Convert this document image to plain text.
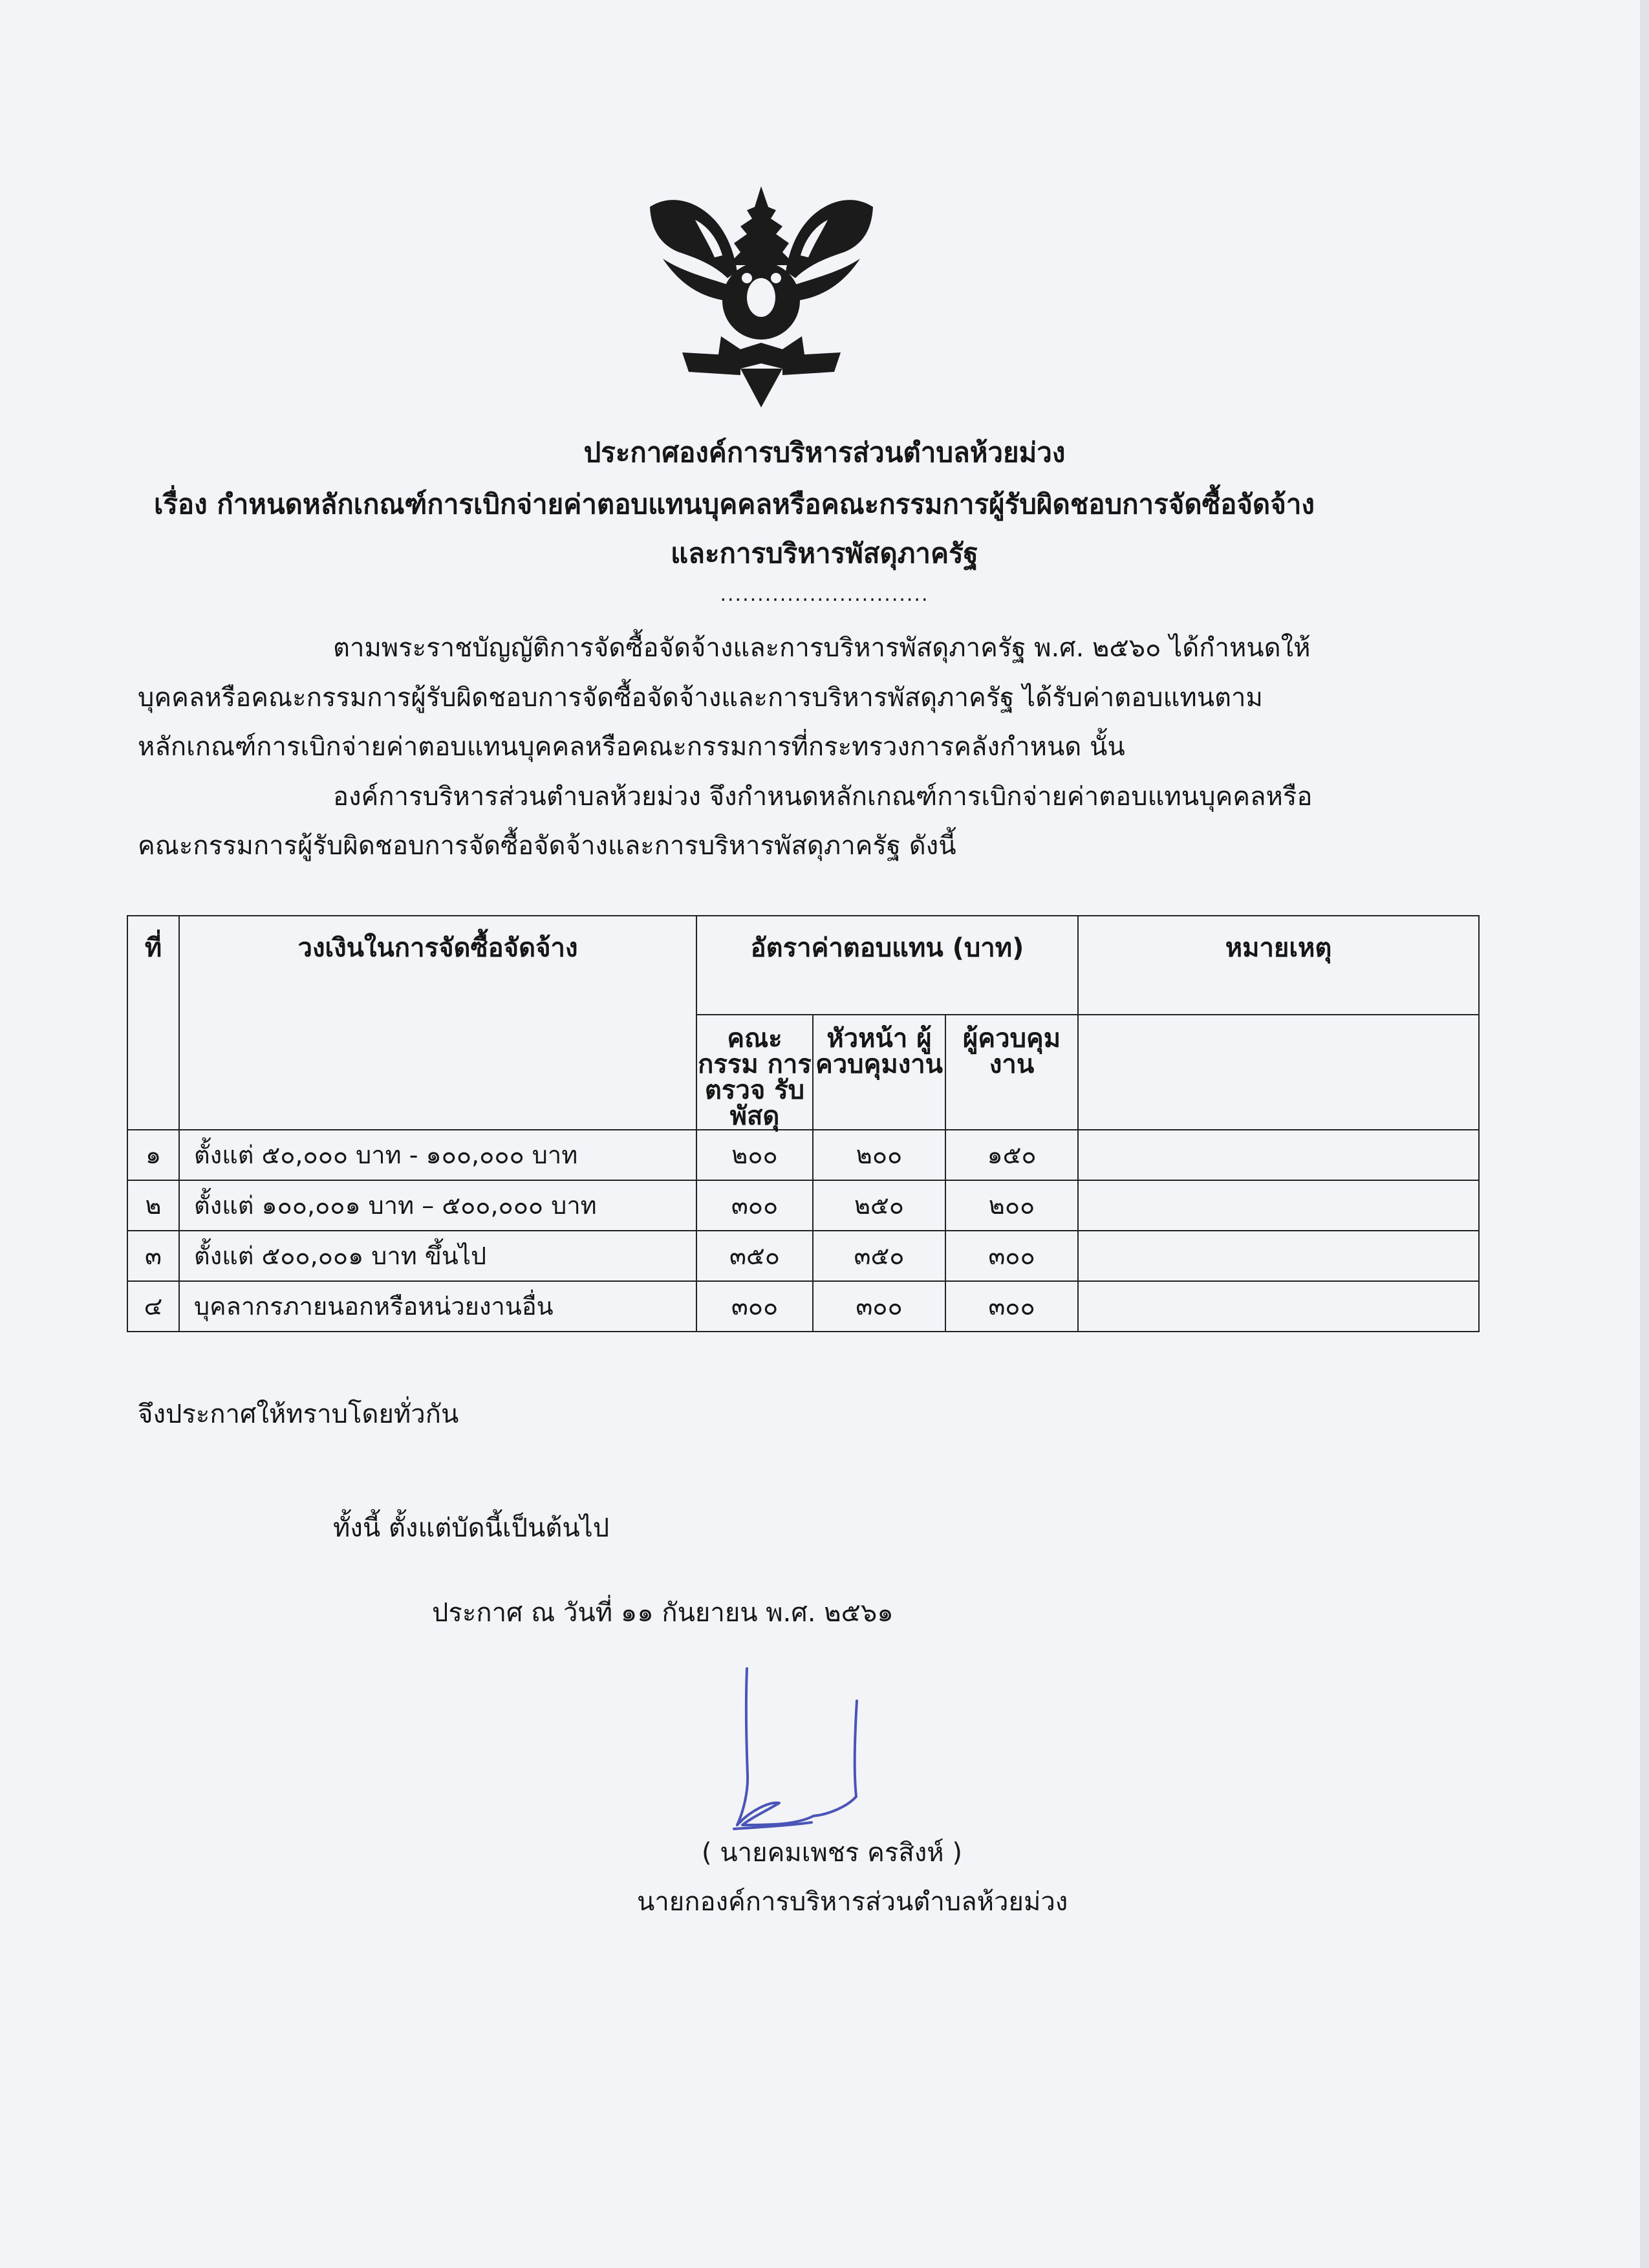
ประกาศองค์การบริหารส่วนตำบลห้วยม่วง
เรื่อง กำหนดหลักเกณฑ์การเบิกจ่ายค่าตอบแทนบุคคลหรือคณะกรรมการผู้รับผิดชอบการจัดซื้อจัดจ้าง
และการบริหารพัสดุภาครัฐ
............................
ตามพระราชบัญญัติการจัดซื้อจัดจ้างและการบริหารพัสดุภาครัฐ พ.ศ. ๒๕๖๐ ได้กำหนดให้
บุคคลหรือคณะกรรมการผู้รับผิดชอบการจัดซื้อจัดจ้างและการบริหารพัสดุภาครัฐ ได้รับค่าตอบแทนตาม
หลักเกณฑ์การเบิกจ่ายค่าตอบแทนบุคคลหรือคณะกรรมการที่กระทรวงการคลังกำหนด นั้น
องค์การบริหารส่วนตำบลห้วยม่วง จึงกำหนดหลักเกณฑ์การเบิกจ่ายค่าตอบแทนบุคคลหรือ
คณะกรรมการผู้รับผิดชอบการจัดซื้อจัดจ้างและการบริหารพัสดุภาครัฐ ดังนี้
ที่	วงเงินในการจัดซื้อจัดจ้าง	อัตราค่าตอบแทน (บาท)			หมายเหตุ
		คณะกรรม การตรวจ รับพัสดุ	หัวหน้า ผู้ควบคุมงาน	ผู้ควบคุมงาน	
๑	ตั้งแต่ ๕๐,๐๐๐ บาท - ๑๐๐,๐๐๐ บาท	๒๐๐	๒๐๐	๑๕๐	
๒	ตั้งแต่ ๑๐๐,๐๐๑ บาท – ๕๐๐,๐๐๐ บาท	๓๐๐	๒๕๐	๒๐๐	
๓	ตั้งแต่ ๕๐๐,๐๐๑ บาท ขึ้นไป	๓๕๐	๓๕๐	๓๐๐	
๔	บุคลากรภายนอกหรือหน่วยงานอื่น	๓๐๐	๓๐๐	๓๐๐	
จึงประกาศให้ทราบโดยทั่วกัน
ทั้งนี้ ตั้งแต่บัดนี้เป็นต้นไป
ประกาศ ณ วันที่ ๑๑ กันยายน พ.ศ. ๒๕๖๑
( นายคมเพชร ครสิงห์ )
นายกองค์การบริหารส่วนตำบลห้วยม่วง
